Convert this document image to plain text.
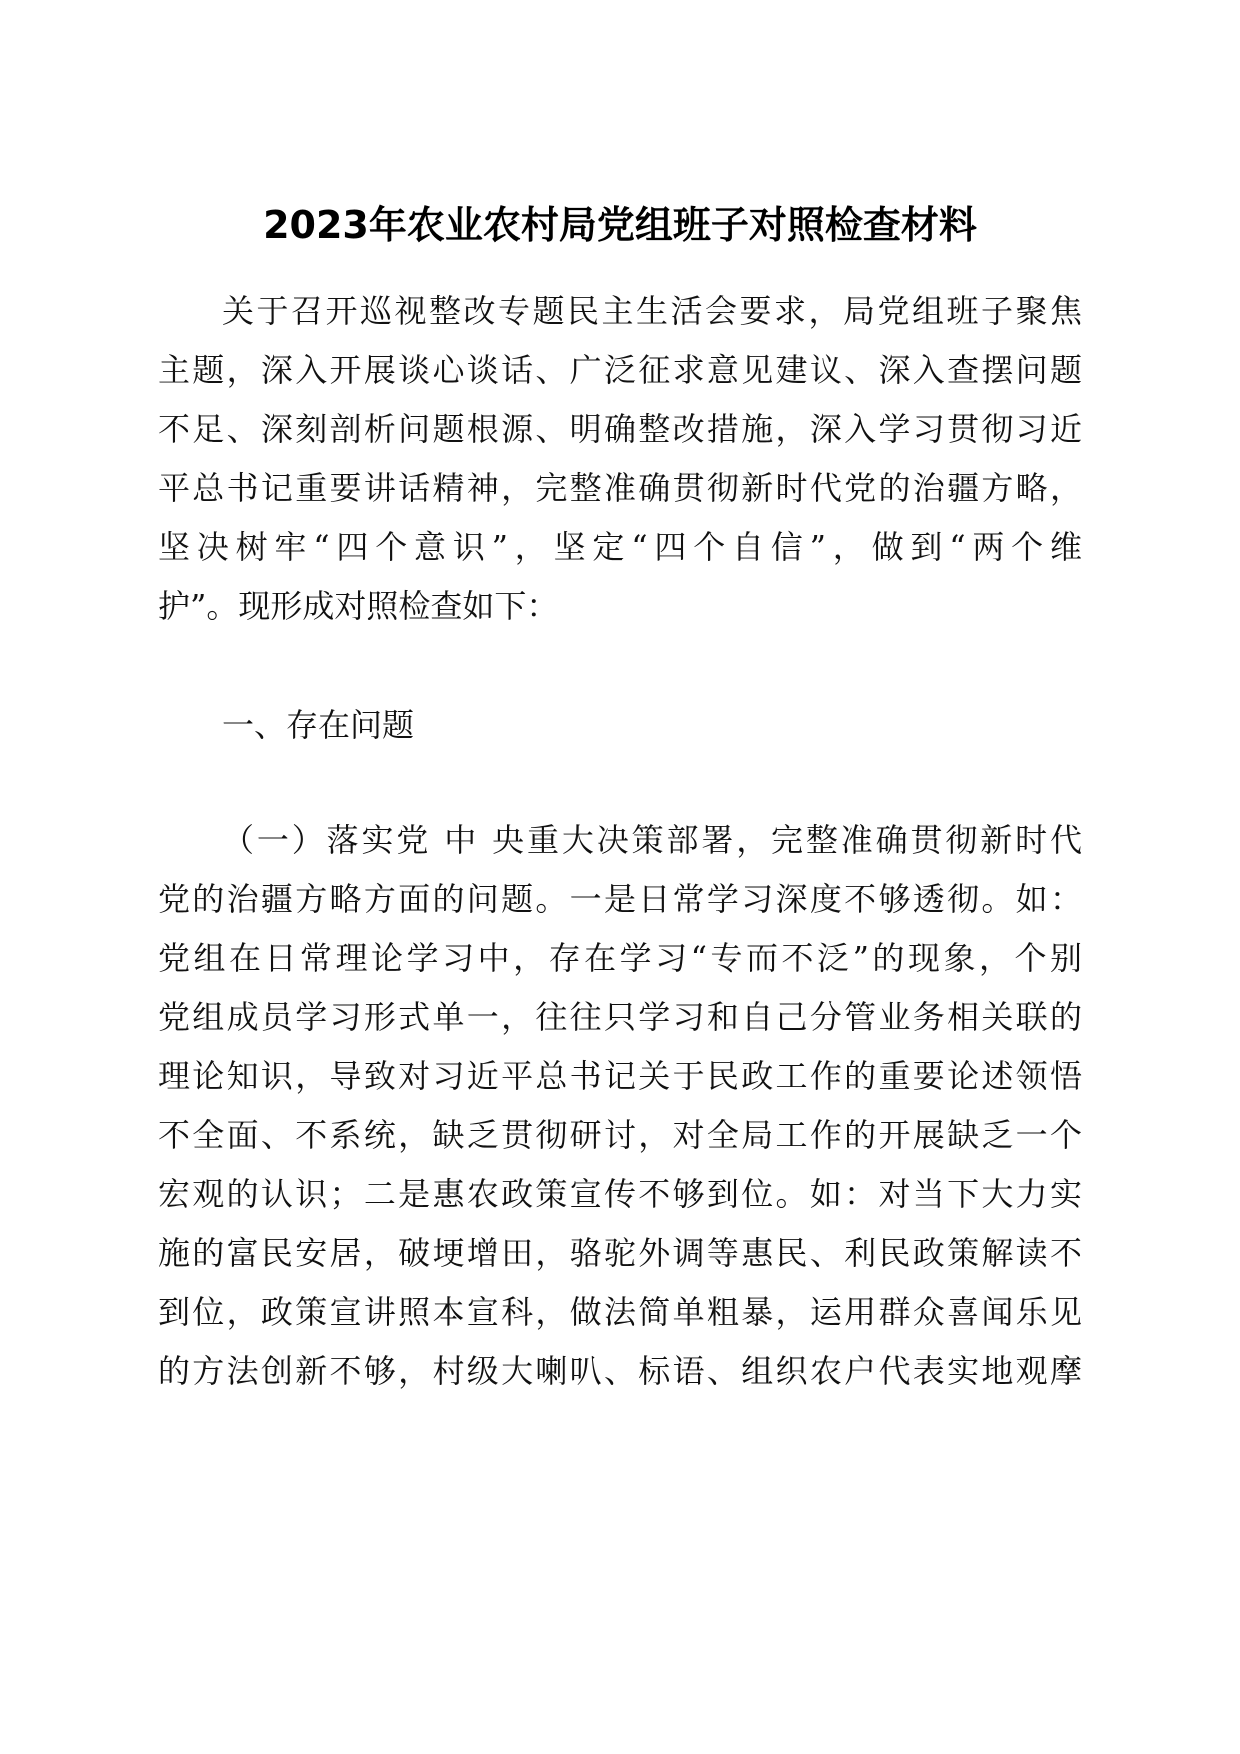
2023年农业农村局党组班子对照检查材料
关于召开巡视整改专题民主生活会要求，局党组班子聚焦
主题，深入开展谈心谈话、广泛征求意见建议、深入查摆问题
不足、深刻剖析问题根源、明确整改措施，深入学习贯彻习近
平总书记重要讲话精神，完整准确贯彻新时代党的治疆方略，
坚决树牢“四个意识”，坚定“四个自信”，做到“两个维
护”。现形成对照检查如下：
一、存在问题
（一）落实党 中 央重大决策部署，完整准确贯彻新时代
党的治疆方略方面的问题。一是日常学习深度不够透彻。如：
党组在日常理论学习中，存在学习“专而不泛”的现象，个别
党组成员学习形式单一，往往只学习和自己分管业务相关联的
理论知识，导致对习近平总书记关于民政工作的重要论述领悟
不全面、不系统，缺乏贯彻研讨，对全局工作的开展缺乏一个
宏观的认识；二是惠农政策宣传不够到位。如：对当下大力实
施的富民安居，破埂增田，骆驼外调等惠民、利民政策解读不
到位，政策宣讲照本宣科，做法简单粗暴，运用群众喜闻乐见
的方法创新不够，村级大喇叭、标语、组织农户代表实地观摩
